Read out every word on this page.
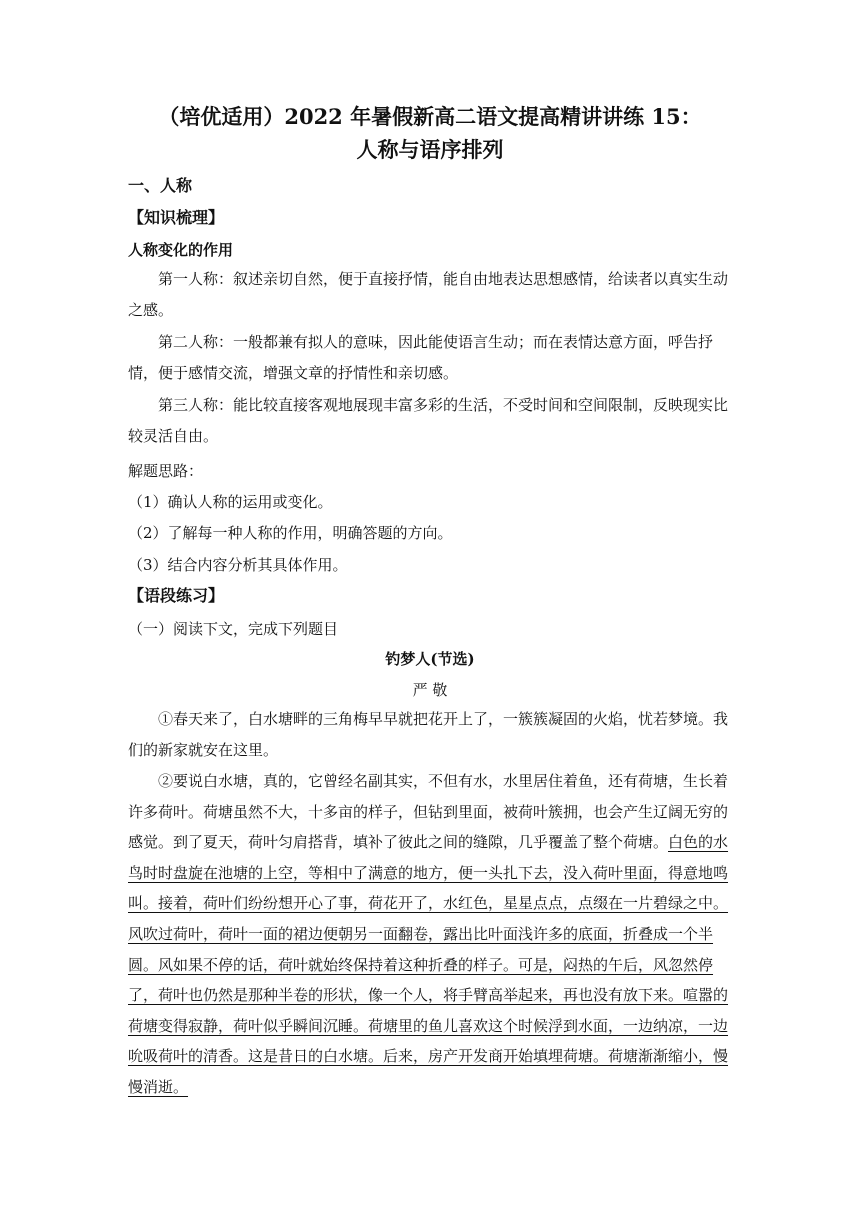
（培优适用）2022 年暑假新高二语文提高精讲讲练 15：
人称与语序排列
一、人称
【知识梳理】
人称变化的作用
第一人称：叙述亲切自然，便于直接抒情，能自由地表达思想感情，给读者以真实生动之感。
第二人称：一般都兼有拟人的意味，因此能使语言生动；而在表情达意方面，呼告抒情，便于感情交流，增强文章的抒情性和亲切感。
第三人称：能比较直接客观地展现丰富多彩的生活，不受时间和空间限制，反映现实比较灵活自由。
解题思路：
（1）确认人称的运用或变化。
（2）了解每一种人称的作用，明确答题的方向。
（3）结合内容分析其具体作用。
【语段练习】
（一）阅读下文，完成下列题目
钓梦人(节选)
严 敬
①春天来了，白水塘畔的三角梅早早就把花开上了，一簇簇凝固的火焰，忧若梦境。我们的新家就安在这里。
②要说白水塘，真的，它曾经名副其实，不但有水，水里居住着鱼，还有荷塘，生长着许多荷叶。荷塘虽然不大，十多亩的样子，但钻到里面，被荷叶簇拥，也会产生辽阔无穷的感觉。到了夏天，荷叶匀肩搭背，填补了彼此之间的缝隙，几乎覆盖了整个荷塘。白色的水鸟时时盘旋在池塘的上空，等相中了满意的地方，便一头扎下去，没入荷叶里面，得意地鸣叫。接着，荷叶们纷纷想开心了事，荷花开了，水红色，星星点点，点缀在一片碧绿之中。风吹过荷叶，荷叶一面的裙边便朝另一面翻卷，露出比叶面浅许多的底面，折叠成一个半圆。风如果不停的话，荷叶就始终保持着这种折叠的样子。可是，闷热的午后，风忽然停了，荷叶也仍然是那种半卷的形状，像一个人，将手臂高举起来，再也没有放下来。喧嚣的荷塘变得寂静，荷叶似乎瞬间沉睡。荷塘里的鱼儿喜欢这个时候浮到水面，一边纳凉，一边吮吸荷叶的清香。这是昔日的白水塘。后来，房产开发商开始填埋荷塘。荷塘渐渐缩小，慢慢消逝。
